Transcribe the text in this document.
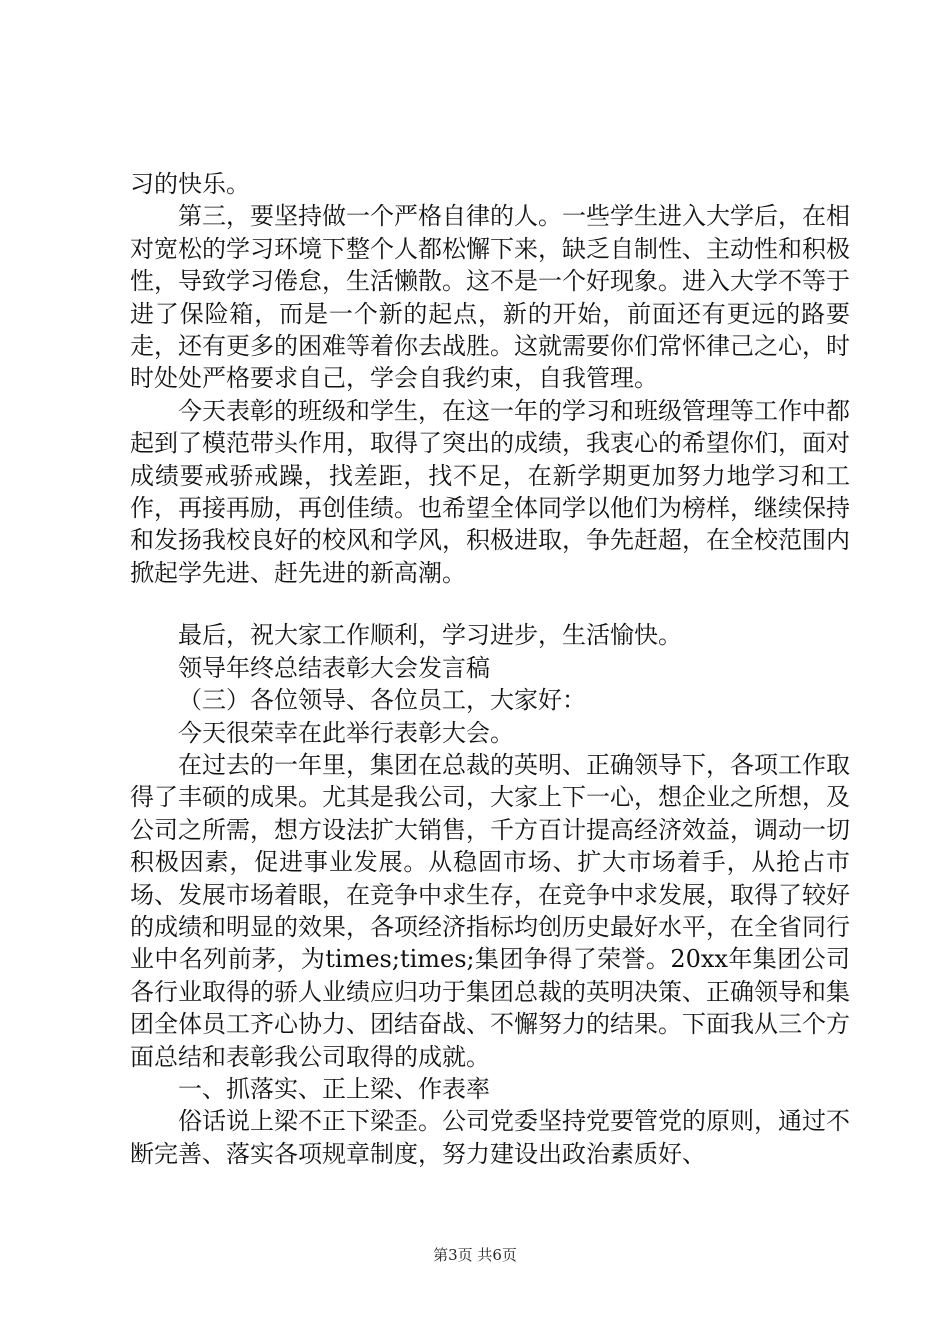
习的快乐。

第三，要坚持做一个严格自律的人。一些学生进入大学后，在相对宽松的学习环境下整个人都松懈下来，缺乏自制性、主动性和积极性，导致学习倦怠，生活懒散。这不是一个好现象。进入大学不等于进了保险箱，而是一个新的起点，新的开始，前面还有更远的路要走，还有更多的困难等着你去战胜。这就需要你们常怀律己之心，时时处处严格要求自己，学会自我约束，自我管理。

今天表彰的班级和学生，在这一年的学习和班级管理等工作中都起到了模范带头作用，取得了突出的成绩，我衷心的希望你们，面对成绩要戒骄戒躁，找差距，找不足，在新学期更加努力地学习和工作，再接再励，再创佳绩。也希望全体同学以他们为榜样，继续保持和发扬我校良好的校风和学风，积极进取，争先赶超，在全校范围内掀起学先进、赶先进的新高潮。

最后，祝大家工作顺利，学习进步，生活愉快。

领导年终总结表彰大会发言稿

（三）各位领导、各位员工，大家好：

今天很荣幸在此举行表彰大会。

在过去的一年里，集团在总裁的英明、正确领导下，各项工作取得了丰硕的成果。尤其是我公司，大家上下一心，想企业之所想，及公司之所需，想方设法扩大销售，千方百计提高经济效益，调动一切积极因素，促进事业发展。从稳固市场、扩大市场着手，从抢占市场、发展市场着眼，在竞争中求生存，在竞争中求发展，取得了较好的成绩和明显的效果，各项经济指标均创历史最好水平，在全省同行业中名列前茅，为times;times;集团争得了荣誉。20xx年集团公司各行业取得的骄人业绩应归功于集团总裁的英明决策、正确领导和集团全体员工齐心协力、团结奋战、不懈努力的结果。下面我从三个方面总结和表彰我公司取得的成就。

一、抓落实、正上梁、作表率

俗话说上梁不正下梁歪。公司党委坚持党要管党的原则，通过不断完善、落实各项规章制度，努力建设出政治素质好、

第3页 共6页
